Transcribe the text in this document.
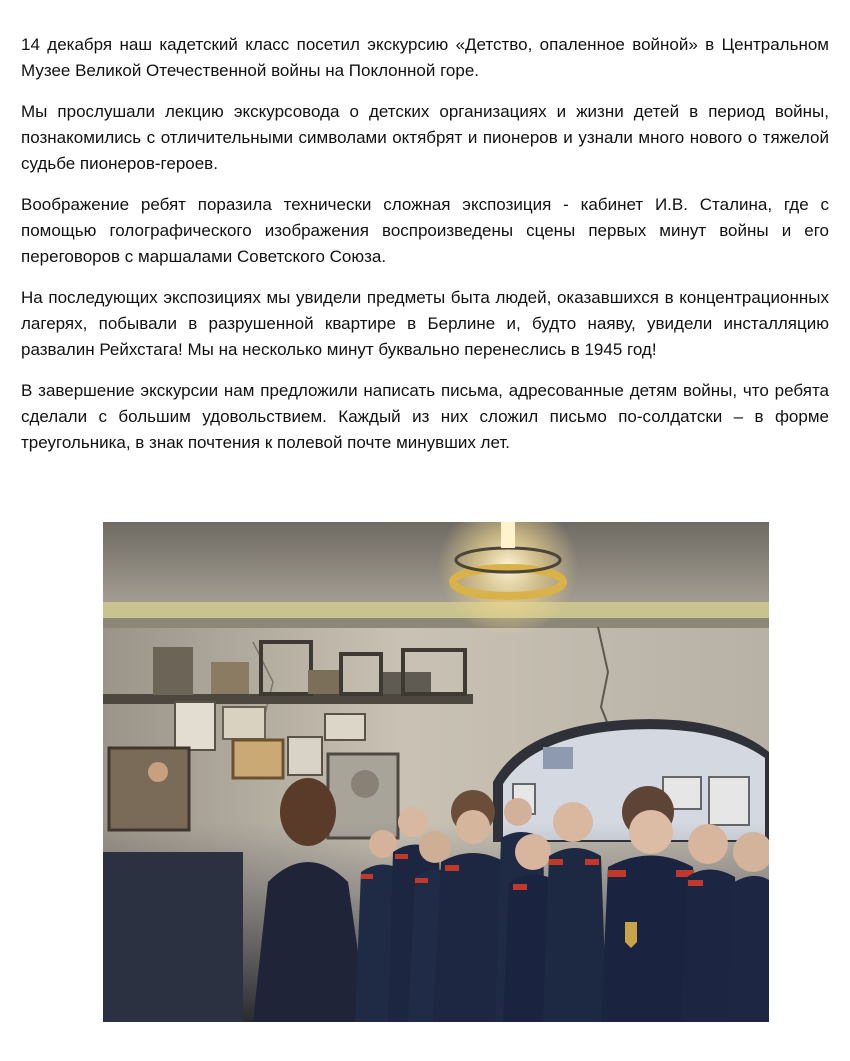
14 декабря наш кадетский класс посетил экскурсию «Детство, опаленное войной» в Центральном Музее Великой Отечественной войны на Поклонной горе.

Мы прослушали лекцию экскурсовода о детских организациях и жизни детей в период войны, познакомились с отличительными символами октябрят и пионеров и узнали много нового о тяжелой судьбе пионеров-героев.

Воображение ребят поразила технически сложная экспозиция - кабинет И.В. Сталина, где с помощью голографического изображения воспроизведены сцены первых минут войны и его переговоров с маршалами Советского Союза.

На последующих экспозициях мы увидели предметы быта людей, оказавшихся в концентрационных лагерях, побывали в разрушенной квартире в Берлине и, будто наяву, увидели инсталляцию развалин Рейхстага! Мы на несколько минут буквально перенеслись в 1945 год!

В завершение экскурсии нам предложили написать письма, адресованные детям войны, что ребята сделали с большим удовольствием. Каждый из них сложил письмо по-солдатски – в форме треугольника, в знак почтения к полевой почте минувших лет.
